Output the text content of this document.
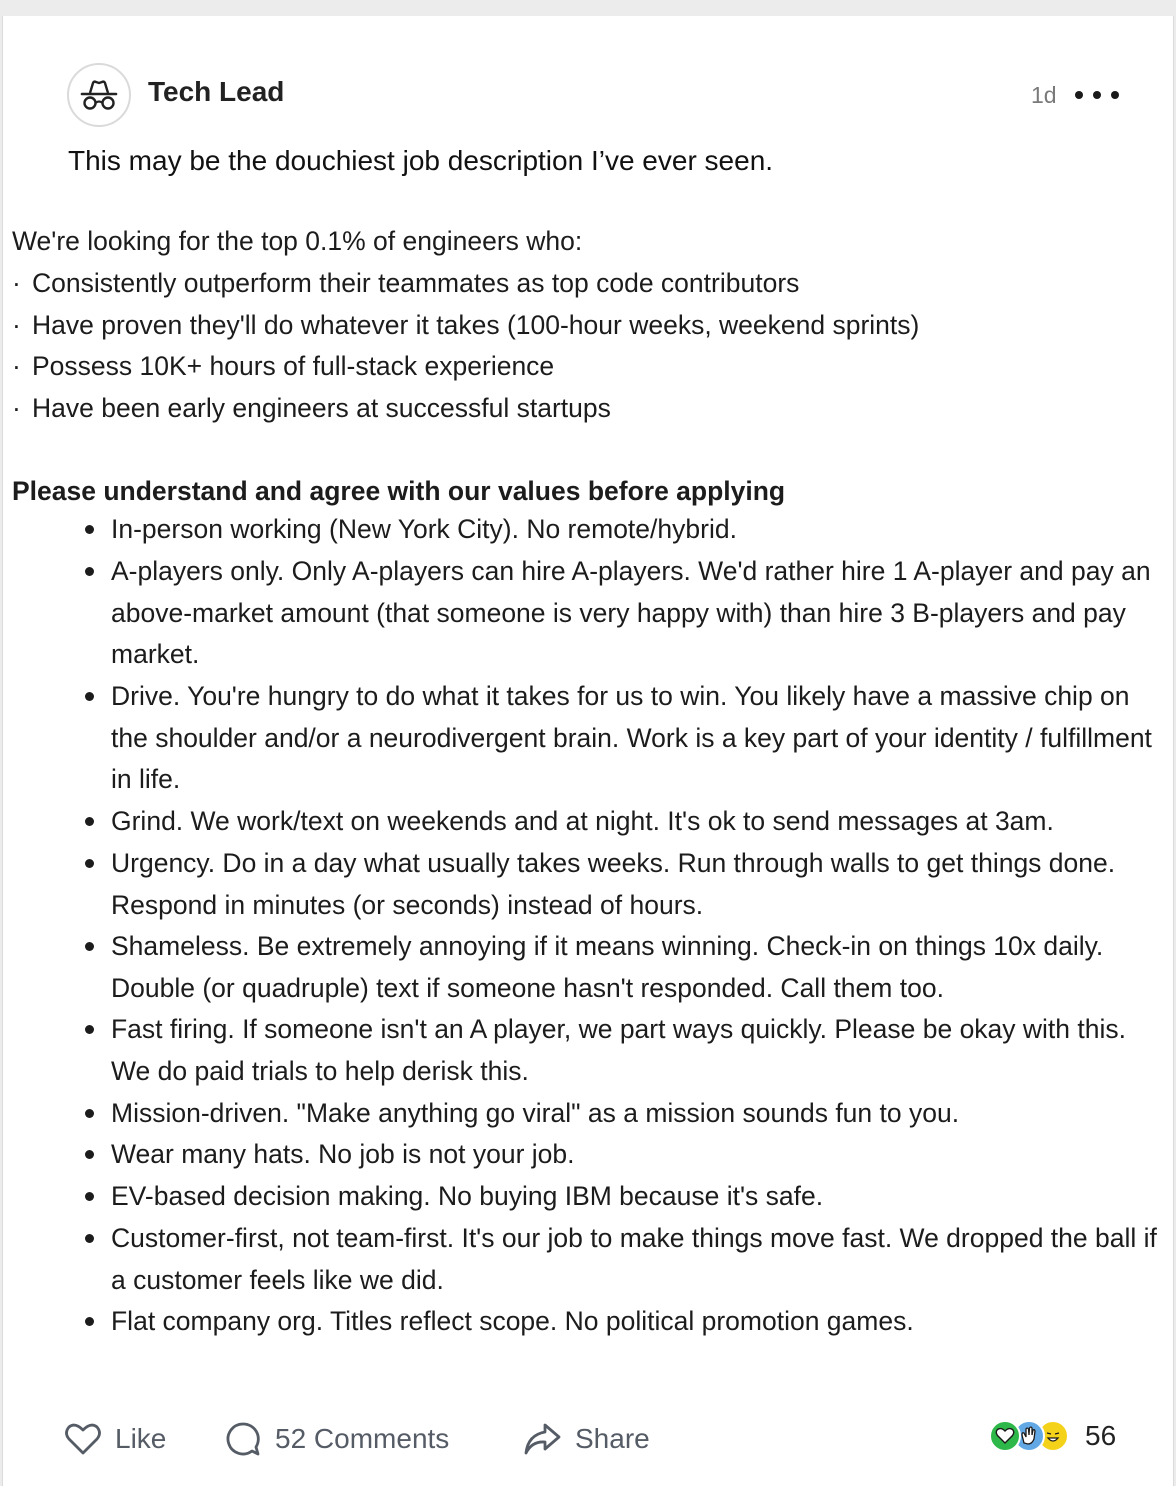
Tech Lead	1d
This may be the douchiest job description I’ve ever seen.
We're looking for the top 0.1% of engineers who:
· Consistently outperform their teammates as top code contributors
· Have proven they'll do whatever it takes (100-hour weeks, weekend sprints)
· Possess 10K+ hours of full-stack experience
· Have been early engineers at successful startups
Please understand and agree with our values before applying
In-person working (New York City). No remote/hybrid.
A-players only. Only A-players can hire A-players. We'd rather hire 1 A-player and pay an above-market amount (that someone is very happy with) than hire 3 B-players and pay market.
Drive. You're hungry to do what it takes for us to win. You likely have a massive chip on the shoulder and/or a neurodivergent brain. Work is a key part of your identity / fulfillment in life.
Grind. We work/text on weekends and at night. It's ok to send messages at 3am.
Urgency. Do in a day what usually takes weeks. Run through walls to get things done. Respond in minutes (or seconds) instead of hours.
Shameless. Be extremely annoying if it means winning. Check-in on things 10x daily. Double (or quadruple) text if someone hasn't responded. Call them too.
Fast firing. If someone isn't an A player, we part ways quickly. Please be okay with this. We do paid trials to help derisk this.
Mission-driven. "Make anything go viral" as a mission sounds fun to you.
Wear many hats. No job is not your job.
EV-based decision making. No buying IBM because it's safe.
Customer-first, not team-first. It's our job to make things move fast. We dropped the ball if a customer feels like we did.
Flat company org. Titles reflect scope. No political promotion games.
Like	52 Comments	Share	56
